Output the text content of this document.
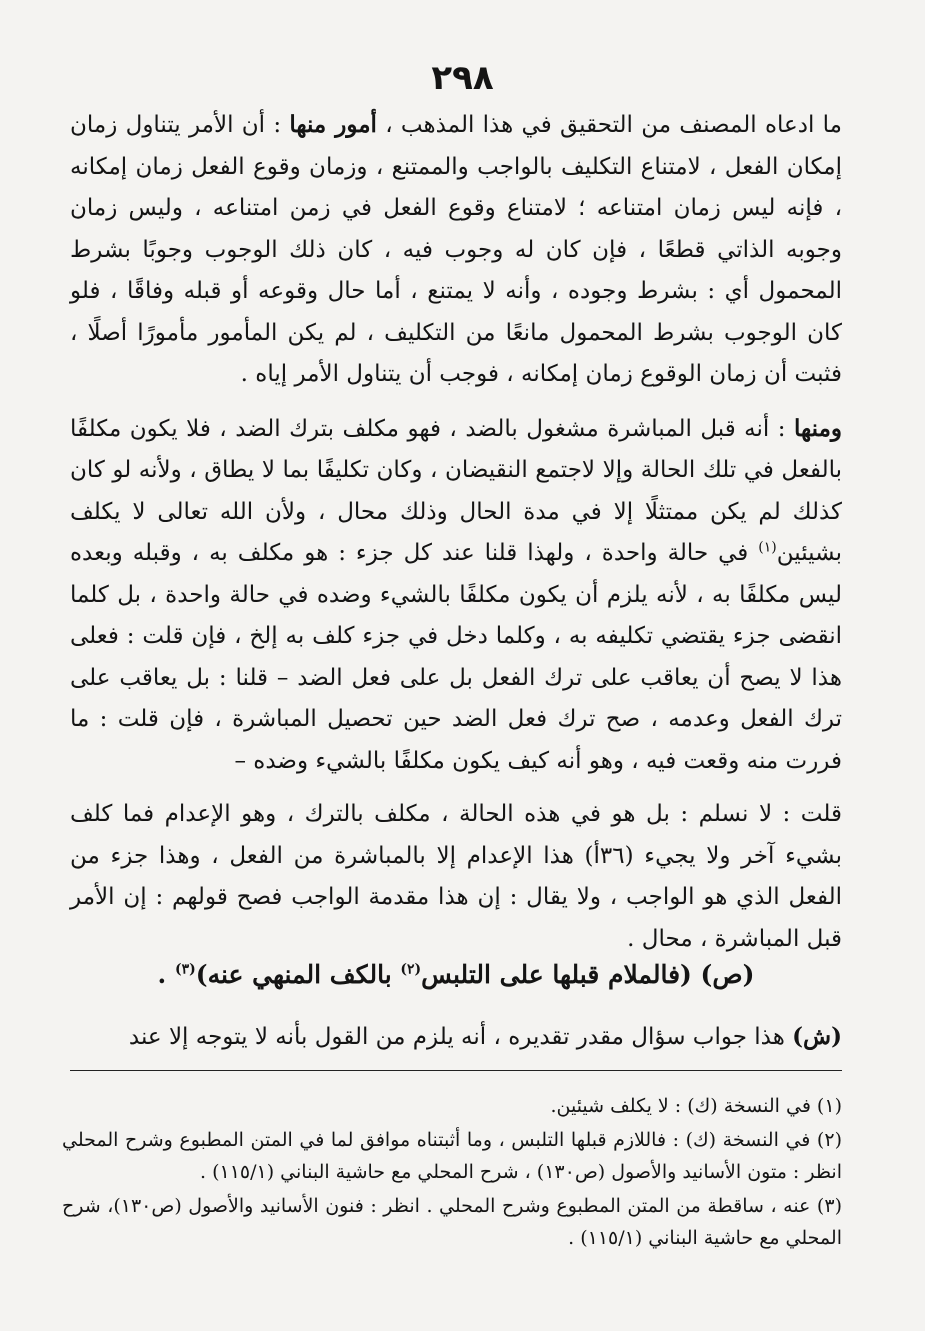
٢٩٨

ما ادعاه المصنف من التحقيق في هذا المذهب ، أمور منها : أن الأمر يتناول زمان إمكان الفعل ، لامتناع التكليف بالواجب والممتنع ، وزمان وقوع الفعل زمان إمكانه ، فإنه ليس زمان امتناعه ؛ لامتناع وقوع الفعل في زمن امتناعه ، وليس زمان وجوبه الذاتي قطعًا ، فإن كان له وجوب فيه ، كان ذلك الوجوب وجوبًا بشرط المحمول أي : بشرط وجوده ، وأنه لا يمتنع ، أما حال وقوعه أو قبله وفاقًا ، فلو كان الوجوب بشرط المحمول مانعًا من التكليف ، لم يكن المأمور مأمورًا أصلًا ، فثبت أن زمان الوقوع زمان إمكانه ، فوجب أن يتناول الأمر إياه .

ومنها : أنه قبل المباشرة مشغول بالضد ، فهو مكلف بترك الضد ، فلا يكون مكلفًا بالفعل في تلك الحالة وإلا لاجتمع النقيضان ، وكان تكليفًا بما لا يطاق ، ولأنه لو كان كذلك لم يكن ممتثلًا إلا في مدة الحال وذلك محال ، ولأن الله تعالى لا يكلف بشيئين$^{(١)}$ في حالة واحدة ، ولهذا قلنا عند كل جزء : هو مكلف به ، وقبله وبعده ليس مكلفًا به ، لأنه يلزم أن يكون مكلفًا بالشيء وضده في حالة واحدة ، بل كلما انقضى جزء يقتضي تكليفه به ، وكلما دخل في جزء كلف به إلخ ، فإن قلت : فعلى هذا لا يصح أن يعاقب على ترك الفعل بل على فعل الضد – قلنا : بل يعاقب على ترك الفعل وعدمه ، صح ترك فعل الضد حين تحصيل المباشرة ، فإن قلت : ما فررت منه وقعت فيه ، وهو أنه كيف يكون مكلفًا بالشيء وضده –

قلت : لا نسلم : بل هو في هذه الحالة ، مكلف بالترك ، وهو الإعدام فما كلف بشيء آخر ولا يجيء (٣٦أ) هذا الإعدام إلا بالمباشرة من الفعل ، وهذا جزء من الفعل الذي هو الواجب ، ولا يقال : إن هذا مقدمة الواجب فصح قولهم : إن الأمر قبل المباشرة ، محال .

(ص) (فالملام قبلها على التلبس$^{(٢)}$ بالكف المنهي عنه)$^{(٣)}$ .
(ش) هذا جواب سؤال مقدر تقديره ، أنه يلزم من القول بأنه لا يتوجه إلا عند

(١) في النسخة (ك) : لا يكلف شيئين.

(٢) في النسخة (ك) : فاللازم قبلها التلبس ، وما أثبتناه موافق لما في المتن المطبوع وشرح المحلي انظر : متون الأسانيد والأصول (ص١٣٠) ، شرح المحلي مع حاشية البناني (١١٥/١) .

(٣) عنه ، ساقطة من المتن المطبوع وشرح المحلي . انظر : فنون الأسانيد والأصول (ص١٣٠)، شرح المحلي مع حاشية البناني (١١٥/١) .
